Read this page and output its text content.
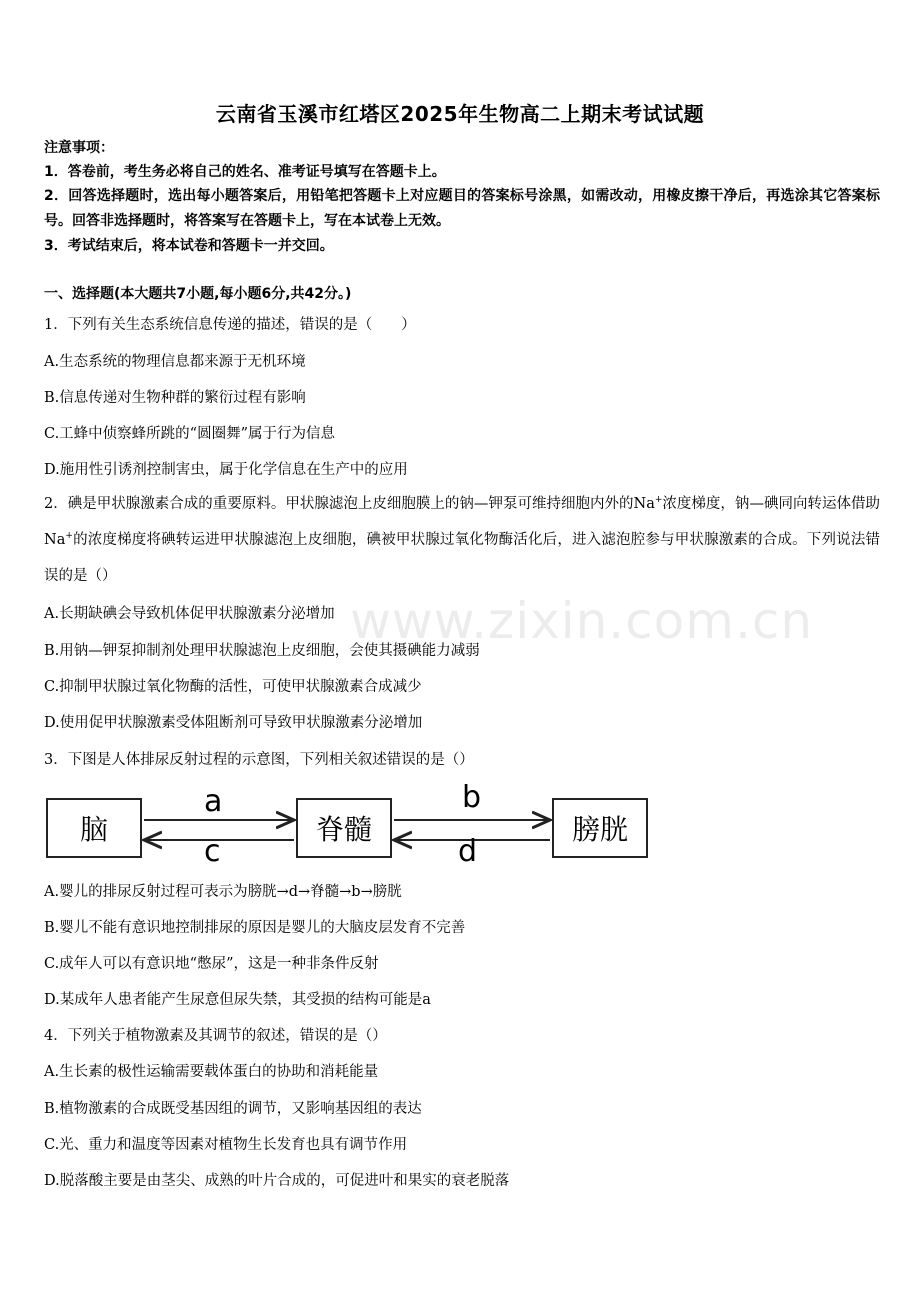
云南省玉溪市红塔区2025年生物高二上期末考试试题
注意事项：
1．答卷前，考生务必将自己的姓名、准考证号填写在答题卡上。
2．回答选择题时，选出每小题答案后，用铅笔把答题卡上对应题目的答案标号涂黑，如需改动，用橡皮擦干净后，再选涂其它答案标号。回答非选择题时，将答案写在答题卡上，写在本试卷上无效。
3．考试结束后，将本试卷和答题卡一并交回。
一、选择题(本大题共7小题,每小题6分,共42分。)
1．下列有关生态系统信息传递的描述，错误的是（　　）
A.生态系统的物理信息都来源于无机环境
B.信息传递对生物种群的繁衍过程有影响
C.工蜂中侦察蜂所跳的“圆圈舞”属于行为信息
D.施用性引诱剂控制害虫，属于化学信息在生产中的应用
2．碘是甲状腺激素合成的重要原料。甲状腺滤泡上皮细胞膜上的钠—钾泵可维持细胞内外的Na+浓度梯度，钠—碘同向转运体借助Na+的浓度梯度将碘转运进甲状腺滤泡上皮细胞，碘被甲状腺过氧化物酶活化后，进入滤泡腔参与甲状腺激素的合成。下列说法错误的是（）
A.长期缺碘会导致机体促甲状腺激素分泌增加
B.用钠—钾泵抑制剂处理甲状腺滤泡上皮细胞，会使其摄碘能力减弱
C.抑制甲状腺过氧化物酶的活性，可使甲状腺激素合成减少
D.使用促甲状腺激素受体阻断剂可导致甲状腺激素分泌增加
3．下图是人体排尿反射过程的示意图，下列相关叙述错误的是（）
脑	脊髓	膀胱
a
c
b
d
A.婴儿的排尿反射过程可表示为膀胱→d→脊髓→b→膀胱
B.婴儿不能有意识地控制排尿的原因是婴儿的大脑皮层发育不完善
C.成年人可以有意识地“憋尿”，这是一种非条件反射
D.某成年人患者能产生尿意但尿失禁，其受损的结构可能是a
4．下列关于植物激素及其调节的叙述，错误的是（）
A.生长素的极性运输需要载体蛋白的协助和消耗能量
B.植物激素的合成既受基因组的调节，又影响基因组的表达
C.光、重力和温度等因素对植物生长发育也具有调节作用
D.脱落酸主要是由茎尖、成熟的叶片合成的，可促进叶和果实的衰老脱落
www.zixin.com.cn
